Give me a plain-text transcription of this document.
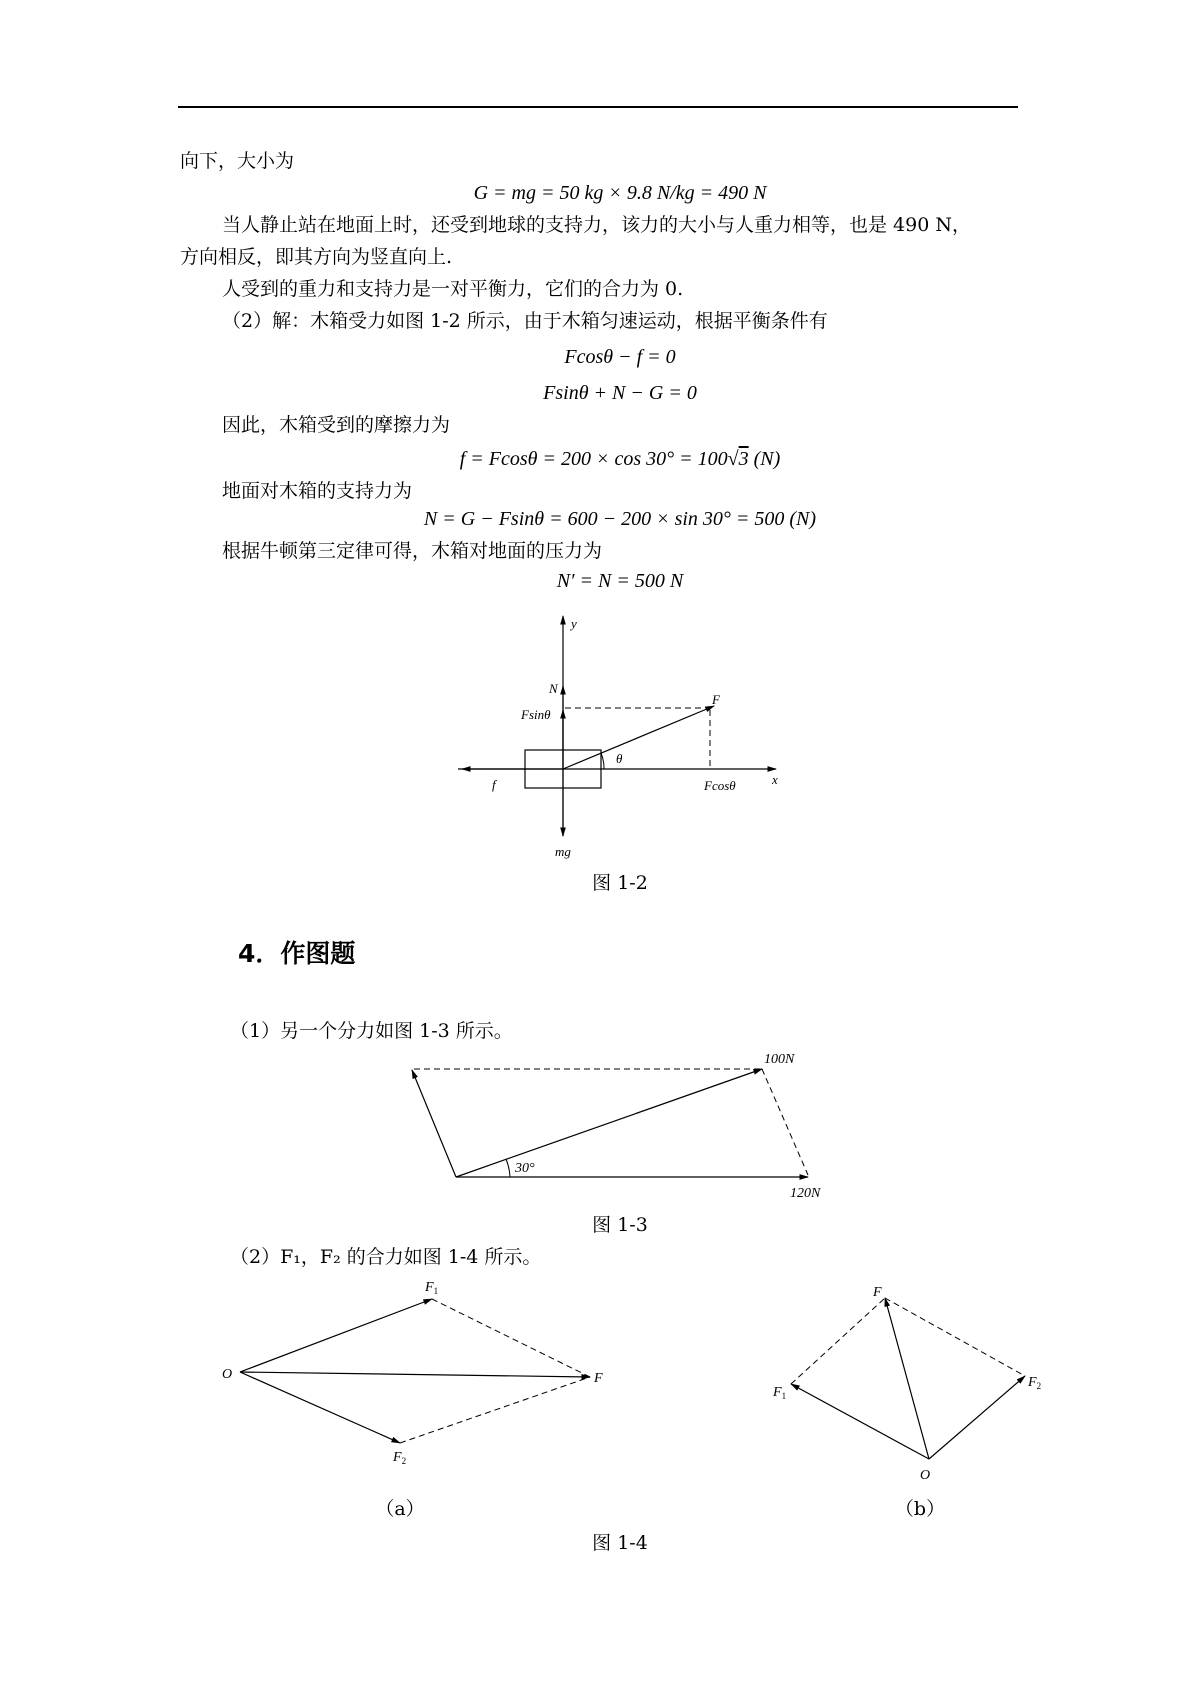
向下，大小为
G = mg = 50 kg × 9.8 N/kg = 490 N
当人静止站在地面上时，还受到地球的支持力，该力的大小与人重力相等，也是 490 N，
方向相反，即其方向为竖直向上.
人受到的重力和支持力是一对平衡力，它们的合力为 0.
（2）解：木箱受力如图 1-2 所示，由于木箱匀速运动，根据平衡条件有
Fcosθ − f = 0
Fsinθ + N − G = 0
因此，木箱受到的摩擦力为
f = Fcosθ = 200 × cos 30° = 100√3 (N)
地面对木箱的支持力为
N = G − Fsinθ = 600 − 200 × sin 30° = 500 (N)
根据牛顿第三定律可得，木箱对地面的压力为
N′ = N = 500 N
y
x
N
Fsinθ
F
θ
f	Fcosθ
mg
图 1-2
4．作图题
（1）另一个分力如图 1-3 所示。
100N
120N
30°
图 1-3
（2）F₁，F₂ 的合力如图 1-4 所示。
O	F
$F_1$
$F_2$
O
F
$F_1$
$F_2$
（a）	（b）
图 1-4
